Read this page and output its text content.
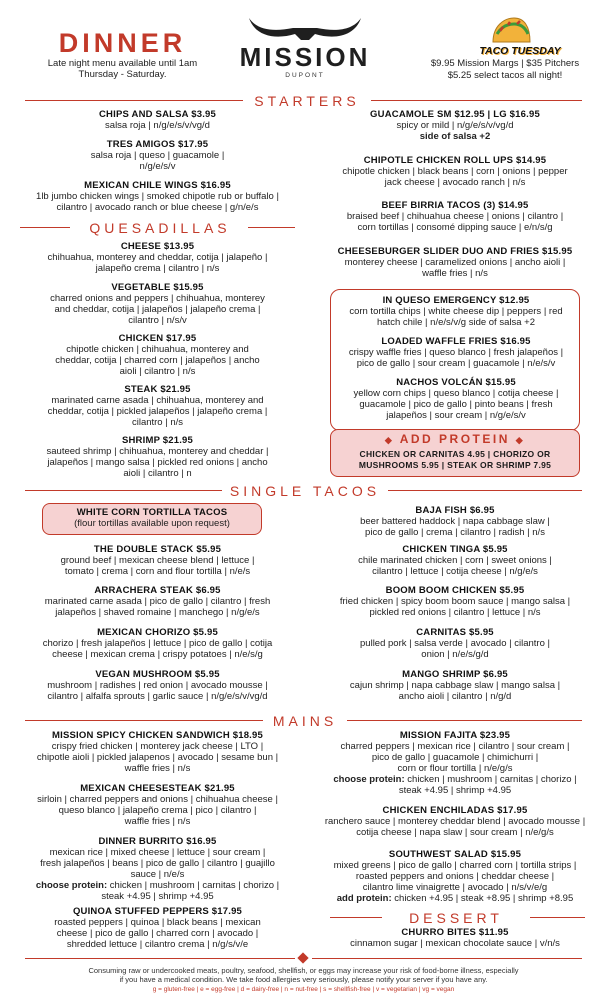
DINNER
Late night menu available until 1am
Thursday - Saturday.
MISSION
DUPONT
TACO TUESDAY
$9.95 Mission Margs | $35 Pitchers
$5.25 select tacos all night!
STARTERS
CHIPS AND SALSA $3.95
salsa roja | n/g/e/s/v/vg/d
TRES AMIGOS $17.95
salsa roja | queso | guacamole |
n/g/e/s/v
MEXICAN CHILE WINGS $16.95
1lb jumbo chicken wings | smoked chipotle rub or buffalo |
cilantro | avocado ranch or blue cheese | g/n/e/s
QUESADILLAS
CHEESE $13.95
chihuahua, monterey and cheddar, cotija | jalapeño |
jalapeño crema | cilantro | n/s
VEGETABLE $15.95
charred onions and peppers | chihuahua, monterey
and cheddar, cotija | jalapeños | jalapeño crema |
cilantro | n/s/v
CHICKEN $17.95
chipotle chicken | chihuahua, monterey and
cheddar, cotija | charred corn | jalapeños | ancho
aioli | cilantro | n/s
STEAK $21.95
marinated carne asada | chihuahua, monterey and
cheddar, cotija | pickled jalapeños | jalapeño crema |
cilantro | n/s
SHRIMP $21.95
sauteed shrimp | chihuahua, monterey and cheddar |
jalapeños | mango salsa | pickled red onions | ancho
aioli | cilantro | n
GUACAMOLE SM $12.95 | LG $16.95
spicy or mild | n/g/e/s/v/vg/d
side of salsa +2
CHIPOTLE CHICKEN ROLL UPS $14.95
chipotle chicken | black beans | corn | onions | pepper
jack cheese | avocado ranch | n/s
BEEF BIRRIA TACOS (3) $14.95
braised beef | chihuahua cheese | onions | cilantro |
corn tortillas | consomé dipping sauce | e/n/s/g
CHEESEBURGER SLIDER DUO AND FRIES $15.95
monterey cheese | caramelized onions | ancho aioli |
waffle fries | n/s
IN QUESO EMERGENCY $12.95
corn tortilla chips | white cheese dip | peppers | red
hatch chile | n/e/s/v/g side of salsa +2
LOADED WAFFLE FRIES $16.95
crispy waffle fries | queso blanco | fresh jalapeños |
pico de gallo | sour cream | guacamole | n/e/s/v
NACHOS VOLCÁN $15.95
yellow corn chips | queso blanco | cotija cheese |
guacamole | pico de gallo | pinto beans | fresh
jalapeños | sour cream | n/g/e/s/v
◆ ADD PROTEIN ◆
CHICKEN OR CARNITAS 4.95 | CHORIZO OR
MUSHROOMS 5.95 | STEAK OR SHRIMP 7.95
SINGLE TACOS
WHITE CORN TORTILLA TACOS
(flour tortillas available upon request)
THE DOUBLE STACK $5.95
ground beef | mexican cheese blend | lettuce |
tomato | crema | corn and flour tortilla | n/e/s
ARRACHERA STEAK $6.95
marinated carne asada | pico de gallo | cilantro | fresh
jalapeños | shaved romaine | manchego | n/g/e/s
MEXICAN CHORIZO $5.95
chorizo | fresh jalapeños | lettuce | pico de gallo | cotija
cheese | mexican crema | crispy potatoes | n/e/s/g
VEGAN MUSHROOM $5.95
mushroom | radishes | red onion | avocado mousse |
cilantro | alfalfa sprouts | garlic sauce | n/g/e/s/v/vg/d
BAJA FISH $6.95
beer battered haddock | napa cabbage slaw |
pico de gallo | crema | cilantro | radish | n/s
CHICKEN TINGA $5.95
chile marinated chicken | corn | sweet onions |
cilantro | lettuce | cotija cheese | n/g/e/s
BOOM BOOM CHICKEN $5.95
fried chicken | spicy boom boom sauce | mango salsa |
pickled red onions | cilantro | lettuce | n/s
CARNITAS $5.95
pulled pork | salsa verde | avocado | cilantro |
onion | n/e/s/g/d
MANGO SHRIMP $6.95
cajun shrimp | napa cabbage slaw | mango salsa |
ancho aioli | cilantro | n/g/d
MAINS
MISSION SPICY CHICKEN SANDWICH $18.95
crispy fried chicken | monterey jack cheese | LTO |
chipotle aioli | pickled jalapenos | avocado | sesame bun |
waffle fries | n/s
MEXICAN CHEESESTEAK $21.95
sirloin | charred peppers and onions | chihuahua cheese |
queso blanco | jalapeño crema | pico | cilantro |
waffle fries | n/s
DINNER BURRITO $16.95
mexican rice | mixed cheese | lettuce | sour cream |
fresh jalapeños | beans | pico de gallo | cilantro | guajillo
sauce | n/e/s
choose protein: chicken | mushroom | carnitas | chorizo |
steak +4.95 | shrimp +4.95
QUINOA STUFFED PEPPERS $17.95
roasted peppers | quinoa | black beans | mexican
cheese | pico de gallo | charred corn | avocado |
shredded lettuce | cilantro crema | n/g/s/v/e
MISSION FAJITA $23.95
charred peppers | mexican rice | cilantro | sour cream |
pico de gallo | guacamole | chimichurri |
corn or flour tortilla | n/e/g/s
choose protein: chicken | mushroom | carnitas | chorizo |
steak +4.95 | shrimp +4.95
CHICKEN ENCHILADAS $17.95
ranchero sauce | monterey cheddar blend | avocado mousse |
cotija cheese | napa slaw | sour cream | n/e/g/s
SOUTHWEST SALAD $15.95
mixed greens | pico de gallo | charred corn | tortilla strips |
roasted peppers and onions | cheddar cheese |
cilantro lime vinaigrette | avocado | n/s/v/e/g
add protein: chicken +4.95 | steak +8.95 | shrimp +8.95
DESSERT
CHURRO BITES $11.95
cinnamon sugar | mexican chocolate sauce | v/n/s
Consuming raw or undercooked meats, poultry, seafood, shellfish, or eggs may increase your risk of food-borne illness, especially
if you have a medical condition. We take food allergies very seriously, please notify your server if you have any.
g = gluten-free | e = egg-free | d = dairy-free | n = nut-free | s = shellfish-free | v = vegetarian | vg = vegan
